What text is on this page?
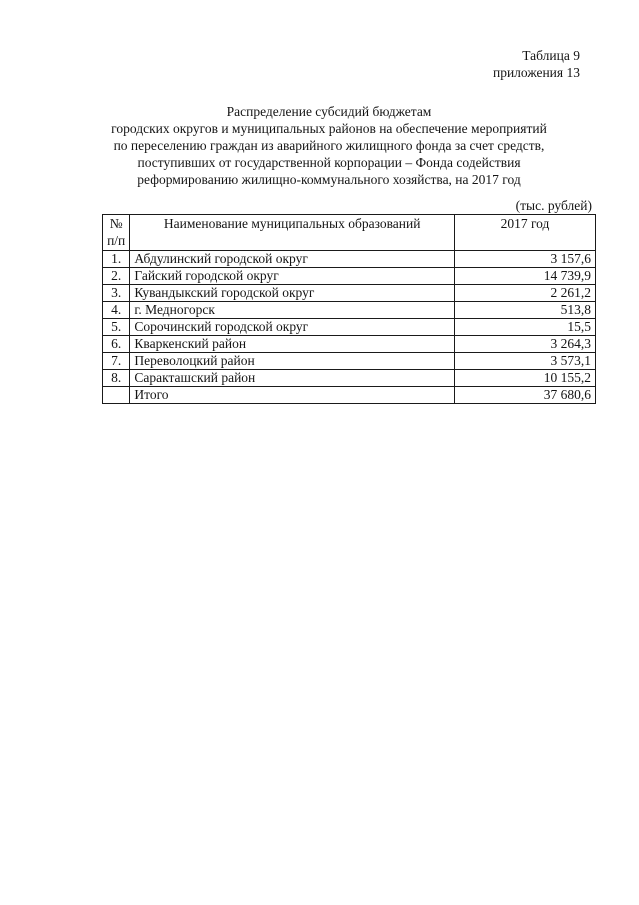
Таблица 9
приложения 13
Распределение субсидий бюджетам
городских округов и муниципальных районов на обеспечение мероприятий
по переселению граждан из аварийного жилищного фонда за счет средств,
поступивших от государственной корпорации – Фонда содействия
реформированию жилищно-коммунального хозяйства, на 2017 год
(тыс. рублей)
№
п/п	Наименование муниципальных образований	2017 год
1.	Абдулинский городской округ	3 157,6
2.	Гайский городской округ	14 739,9
3.	Кувандыкский городской округ	2 261,2
4.	г. Медногорск	513,8
5.	Сорочинский городской округ	15,5
6.	Кваркенский район	3 264,3
7.	Переволоцкий район	3 573,1
8.	Саракташский район	10 155,2
	Итого	37 680,6
